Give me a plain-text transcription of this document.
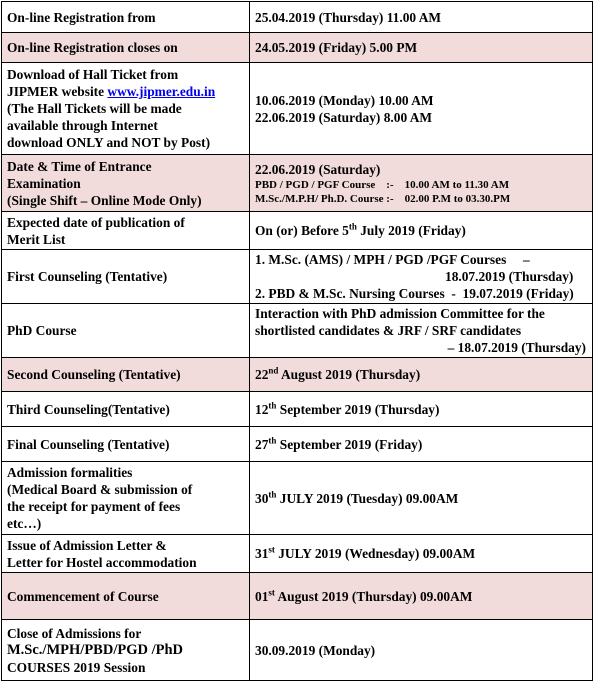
On-line Registration from	25.04.2019 (Thursday) 11.00 AM

On-line Registration closes on	24.05.2019 (Friday) 5.00 PM

Download of Hall Ticket from
JIPMER website www.jipmer.edu.in
(The Hall Tickets will be made
available through Internet
download ONLY and NOT by Post)	10.06.2019 (Monday) 10.00 AM
22.06.2019 (Saturday) 8.00 AM

Date & Time of Entrance
Examination
(Single Shift – Online Mode Only)	22.06.2019 (Saturday)
PBD / PGD / PGF Course    :-    10.00 AM to 11.30 AM
M.Sc./M.P.H/ Ph.D. Course :-    02.00 P.M to 03.30.PM

Expected date of publication of
Merit List	On (or) Before 5th July 2019 (Friday)

First Counseling (Tentative)	1. M.Sc. (AMS) / MPH / PGD /PGF Courses     –
18.07.2019 (Thursday)
2. PBD & M.Sc. Nursing Courses  -  19.07.2019 (Friday)

PhD Course	Interaction with PhD admission Committee for the
shortlisted candidates & JRF / SRF candidates
– 18.07.2019 (Thursday)

Second Counseling (Tentative)	22nd August 2019 (Thursday)

Third Counseling(Tentative)	12th September 2019 (Thursday)

Final Counseling (Tentative)	27th September 2019 (Friday)

Admission formalities
(Medical Board & submission of
the receipt for payment of fees
etc…)	30th JULY 2019 (Tuesday) 09.00AM

Issue of Admission Letter &
Letter for Hostel accommodation	31st JULY 2019 (Wednesday) 09.00AM

Commencement of Course	01st August 2019 (Thursday) 09.00AM

Close of Admissions for
M.Sc./MPH/PBD/PGD /PhD
COURSES 2019 Session	30.09.2019 (Monday)
